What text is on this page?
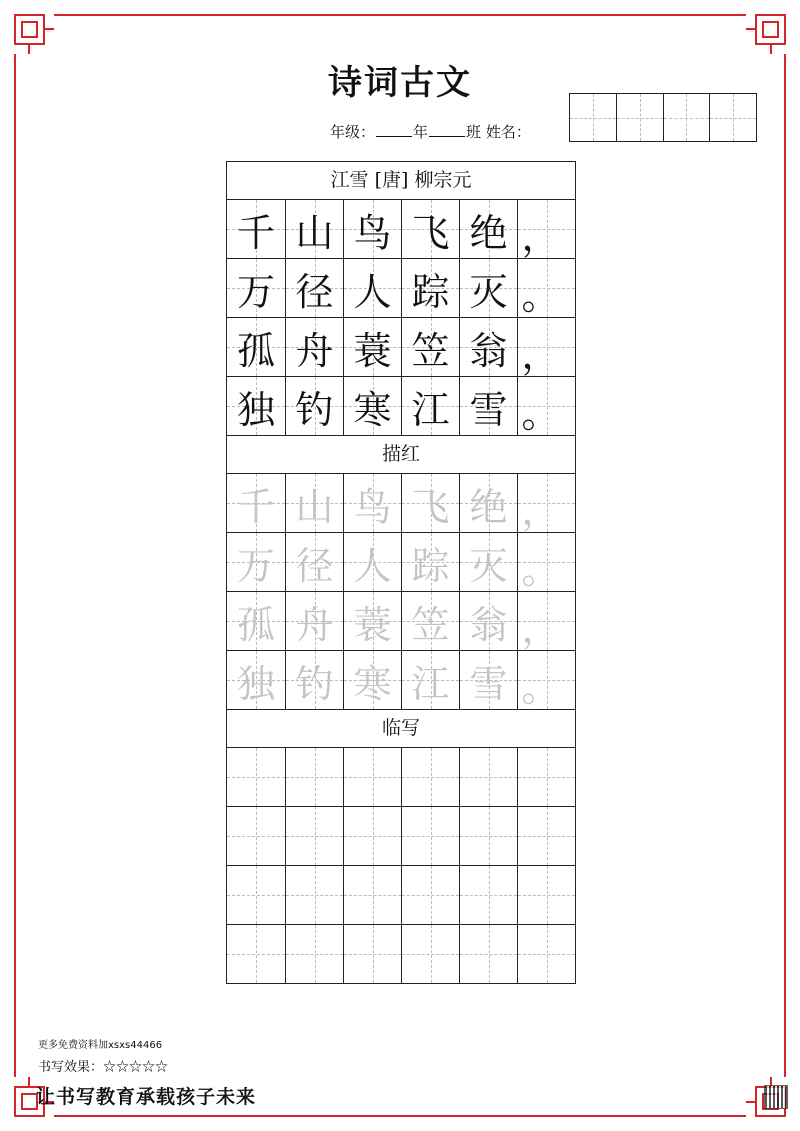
诗词古文
年级：	年	班 姓名：
江雪 [唐] 柳宗元
千 山 鸟 飞 绝 ，
万 径 人 踪 灭 。
孤 舟 蓑 笠 翁 ，
独 钓 寒 江 雪 。
描红
千 山 鸟 飞 绝 ，
万 径 人 踪 灭 。
孤 舟 蓑 笠 翁 ，
独 钓 寒 江 雪 。
临写
更多免费资料加xsxs44466
书写效果：☆☆☆☆☆
让书写教育承载孩子未来
